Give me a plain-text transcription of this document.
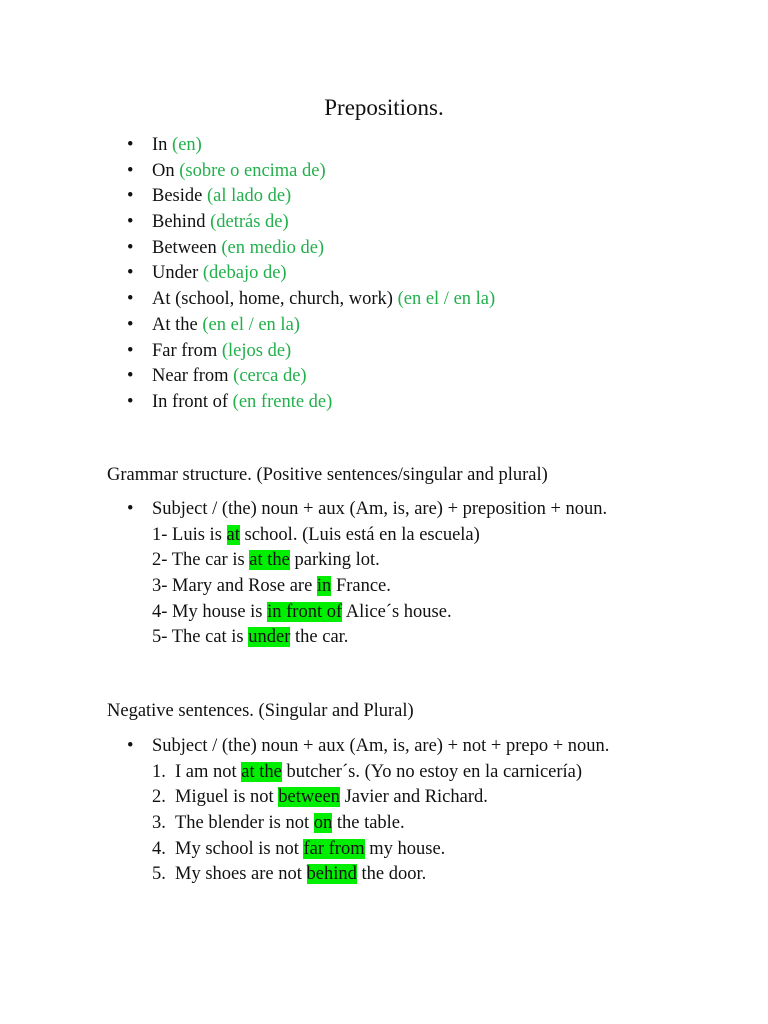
Prepositions.
• In (en)
• On (sobre o encima de)
• Beside (al lado de)
• Behind (detrás de)
• Between (en medio de)
• Under (debajo de)
• At (school, home, church, work) (en el / en la)
• At the (en el / en la)
• Far from (lejos de)
• Near from (cerca de)
• In front of (en frente de)
Grammar structure. (Positive sentences/singular and plural)
• Subject / (the) noun + aux (Am, is, are) + preposition + noun.
1- Luis is at school. (Luis está en la escuela)
2- The car is at the parking lot.
3- Mary and Rose are in France.
4- My house is in front of Alice´s house.
5- The cat is under the car.
Negative sentences. (Singular and Plural)
• Subject / (the) noun + aux (Am, is, are) + not + prepo + noun.
1. I am not at the butcher´s. (Yo no estoy en la carnicería)
2. Miguel is not between Javier and Richard.
3. The blender is not on the table.
4. My school is not far from my house.
5. My shoes are not behind the door.
